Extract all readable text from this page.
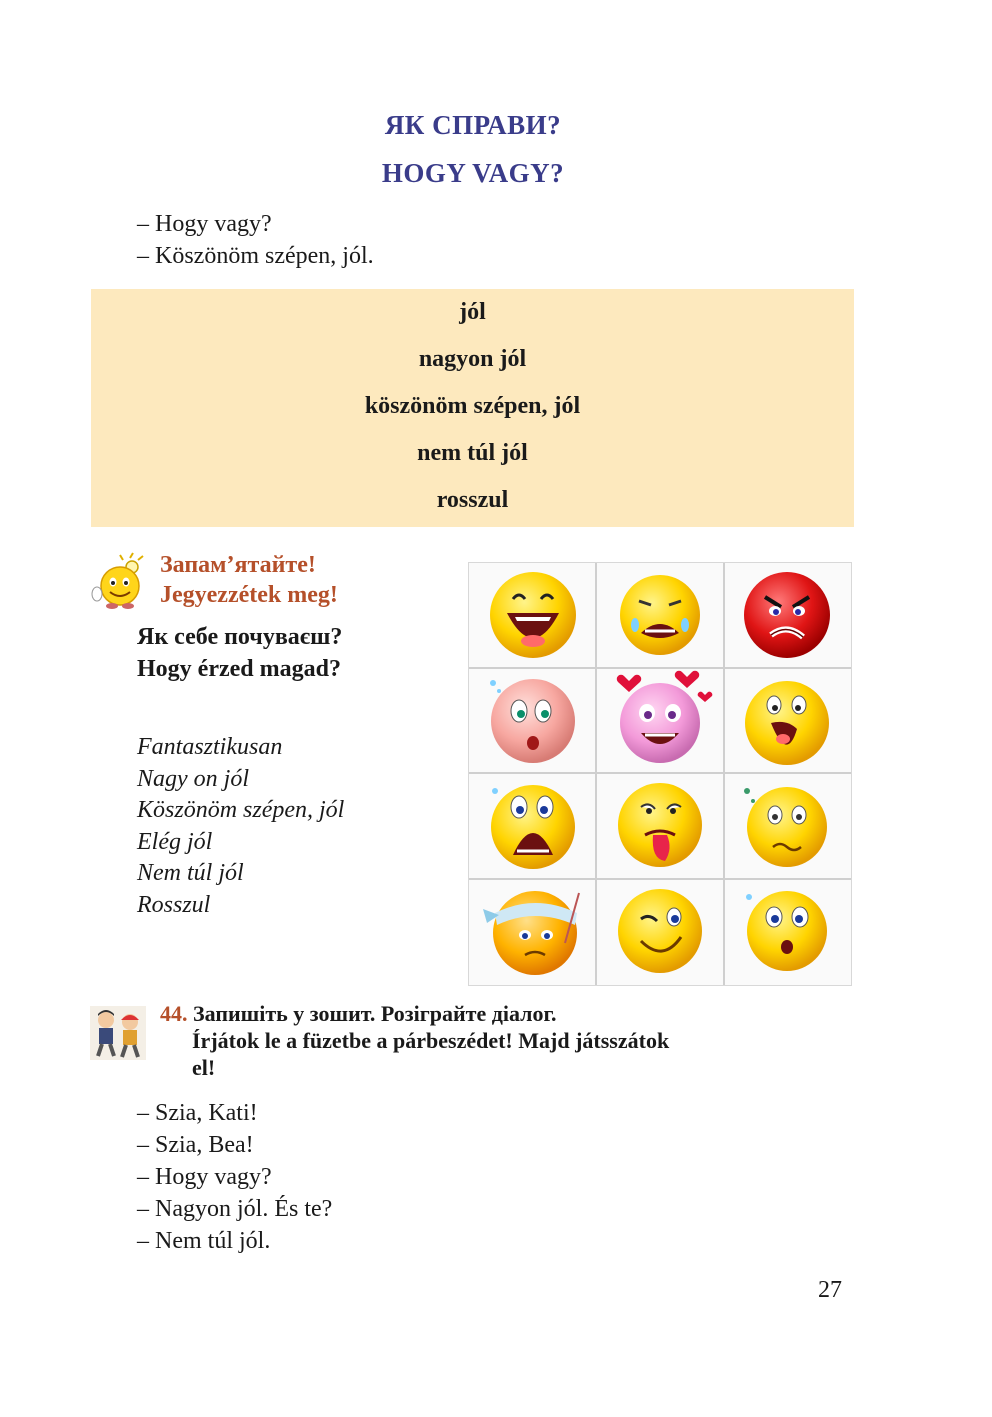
ЯК СПРАВИ?
HOGY VAGY?
– Hogy vagy?
– Köszönöm szépen, jól.
jól
nagyon jól
köszönöm szépen, jól
nem túl jól
rosszul
Запам’ятайте!
Jegyezzétek meg!
Як себе почуваєш?
Hogy érzed magad?
Fantasztikusan
Nagy on jól
Köszönöm szépen, jól
Elég jól
Nem túl jól
Rosszul
44. Запишіть у зошит. Розіграйте діалог.
Írjátok le a füzetbe a párbeszédet! Majd játsszátok
el!
– Szia, Kati!
– Szia, Bea!
– Hogy vagy?
– Nagyon jól. És te?
– Nem túl jól.
27
